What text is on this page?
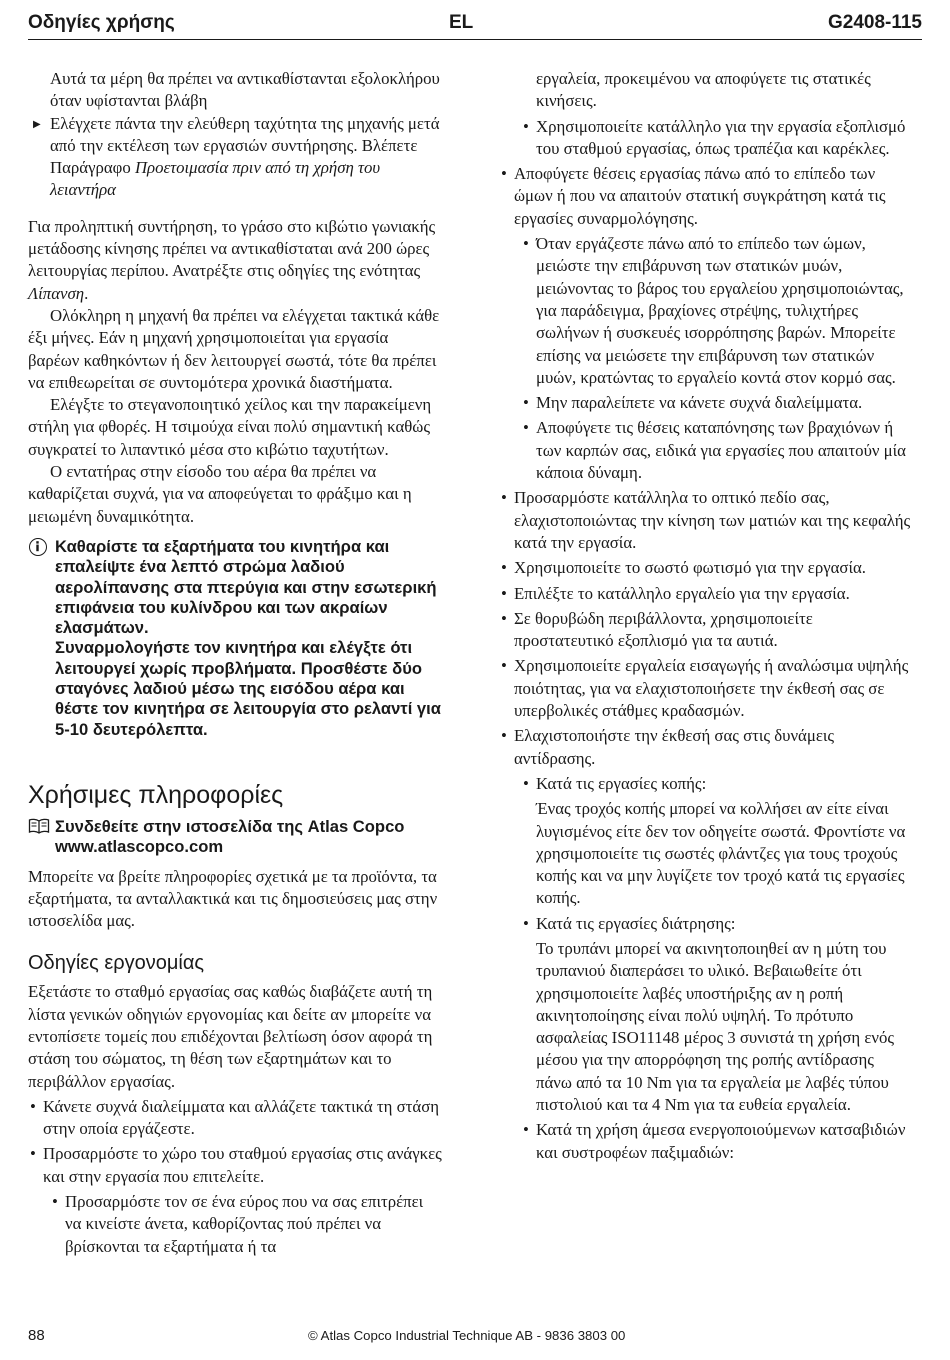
Οδηγίες χρήσης	EL	G2408-115

Αυτά τα μέρη θα πρέπει να αντικαθίστανται εξολοκλήρου όταν υφίστανται βλάβη

▶ Ελέγχετε πάντα την ελεύθερη ταχύτητα της μηχανής μετά από την εκτέλεση των εργασιών συντήρησης. Βλέπετε Παράγραφο Προετοιμασία πριν από τη χρήση του λειαντήρα

Για προληπτική συντήρηση, το γράσο στο κιβώτιο γωνιακής μετάδοσης κίνησης πρέπει να αντικαθίσταται ανά 200 ώρες λειτουργίας περίπου. Ανατρέξτε στις οδηγίες της ενότητας Λίπανση.

Ολόκληρη η μηχανή θα πρέπει να ελέγχεται τακτικά κάθε έξι μήνες. Εάν η μηχανή χρησιμοποιείται για εργασία βαρέων καθηκόντων ή δεν λειτουργεί σωστά, τότε θα πρέπει να επιθεωρείται σε συντομότερα χρονικά διαστήματα.

Ελέγξτε το στεγανοποιητικό χείλος και την παρακείμενη στήλη για φθορές. Η τσιμούχα είναι πολύ σημαντική καθώς συγκρατεί το λιπαντικό μέσα στο κιβώτιο ταχυτήτων.

Ο εντατήρας στην είσοδο του αέρα θα πρέπει να καθαρίζεται συχνά, για να αποφεύγεται το φράξιμο και η μειωμένη δυναμικότητα.

Καθαρίστε τα εξαρτήματα του κινητήρα και επαλείψτε ένα λεπτό στρώμα λαδιού αερολίπανσης στα πτερύγια και στην εσωτερική επιφάνεια του κυλίνδρου και των ακραίων ελασμάτων.

Συναρμολογήστε τον κινητήρα και ελέγξτε ότι λειτουργεί χωρίς προβλήματα. Προσθέστε δύο σταγόνες λαδιού μέσω της εισόδου αέρα και θέστε τον κινητήρα σε λειτουργία στο ρελαντί για 5-10 δευτερόλεπτα.

Χρήσιμες πληροφορίες

Συνδεθείτε στην ιστοσελίδα της Atlas Copco

www.atlascopco.com

Μπορείτε να βρείτε πληροφορίες σχετικά με τα προϊόντα, τα εξαρτήματα, τα ανταλλακτικά και τις δημοσιεύσεις μας στην ιστοσελίδα μας.

Οδηγίες εργονομίας

Εξετάστε το σταθμό εργασίας σας καθώς διαβάζετε αυτή τη λίστα γενικών οδηγιών εργονομίας και δείτε αν μπορείτε να εντοπίσετε τομείς που επιδέχονται βελτίωση όσον αφορά τη στάση του σώματος, τη θέση των εξαρτημάτων και το περιβάλλον εργασίας.

• Κάνετε συχνά διαλείμματα και αλλάζετε τακτικά τη στάση στην οποία εργάζεστε.

• Προσαρμόστε το χώρο του σταθμού εργασίας στις ανάγκες και στην εργασία που επιτελείτε.

• Προσαρμόστε τον σε ένα εύρος που να σας επιτρέπει να κινείστε άνετα, καθορίζοντας πού πρέπει να βρίσκονται τα εξαρτήματα ή τα

εργαλεία, προκειμένου να αποφύγετε τις στατικές κινήσεις.

• Χρησιμοποιείτε κατάλληλο για την εργασία εξοπλισμό του σταθμού εργασίας, όπως τραπέζια και καρέκλες.

• Αποφύγετε θέσεις εργασίας πάνω από το επίπεδο των ώμων ή που να απαιτούν στατική συγκράτηση κατά τις εργασίες συναρμολόγησης.

• Όταν εργάζεστε πάνω από το επίπεδο των ώμων, μειώστε την επιβάρυνση των στατικών μυών, μειώνοντας το βάρος του εργαλείου χρησιμοποιώντας, για παράδειγμα, βραχίονες στρέψης, τυλιχτήρες σωλήνων ή συσκευές ισορρόπησης βαρών. Μπορείτε επίσης να μειώσετε την επιβάρυνση των στατικών μυών, κρατώντας το εργαλείο κοντά στον κορμό σας.

• Μην παραλείπετε να κάνετε συχνά διαλείμματα.

• Αποφύγετε τις θέσεις καταπόνησης των βραχιόνων ή των καρπών σας, ειδικά για εργασίες που απαιτούν μία κάποια δύναμη.

• Προσαρμόστε κατάλληλα το οπτικό πεδίο σας, ελαχιστοποιώντας την κίνηση των ματιών και της κεφαλής κατά την εργασία.

• Χρησιμοποιείτε το σωστό φωτισμό για την εργασία.

• Επιλέξτε το κατάλληλο εργαλείο για την εργασία.

• Σε θορυβώδη περιβάλλοντα, χρησιμοποιείτε προστατευτικό εξοπλισμό για τα αυτιά.

• Χρησιμοποιείτε εργαλεία εισαγωγής ή αναλώσιμα υψηλής ποιότητας, για να ελαχιστοποιήσετε την έκθεσή σας σε υπερβολικές στάθμες κραδασμών.

• Ελαχιστοποιήστε την έκθεσή σας στις δυνάμεις αντίδρασης.

• Κατά τις εργασίες κοπής:

Ένας τροχός κοπής μπορεί να κολλήσει αν είτε είναι λυγισμένος είτε δεν τον οδηγείτε σωστά. Φροντίστε να χρησιμοποιείτε τις σωστές φλάντζες για τους τροχούς κοπής και να μην λυγίζετε τον τροχό κατά τις εργασίες κοπής.

• Κατά τις εργασίες διάτρησης:

Το τρυπάνι μπορεί να ακινητοποιηθεί αν η μύτη του τρυπανιού διαπεράσει το υλικό. Βεβαιωθείτε ότι χρησιμοποιείτε λαβές υποστήριξης αν η ροπή ακινητοποίησης είναι πολύ υψηλή. Το πρότυπο ασφαλείας ISO11148 μέρος 3 συνιστά τη χρήση ενός μέσου για την απορρόφηση της ροπής αντίδρασης πάνω από τα 10 Nm για τα εργαλεία με λαβές τύπου πιστολιού και τα 4 Nm για τα ευθεία εργαλεία.

• Κατά τη χρήση άμεσα ενεργοποιούμενων κατσαβιδιών και συστροφέων παξιμαδιών:

88	© Atlas Copco Industrial Technique AB - 9836 3803 00
